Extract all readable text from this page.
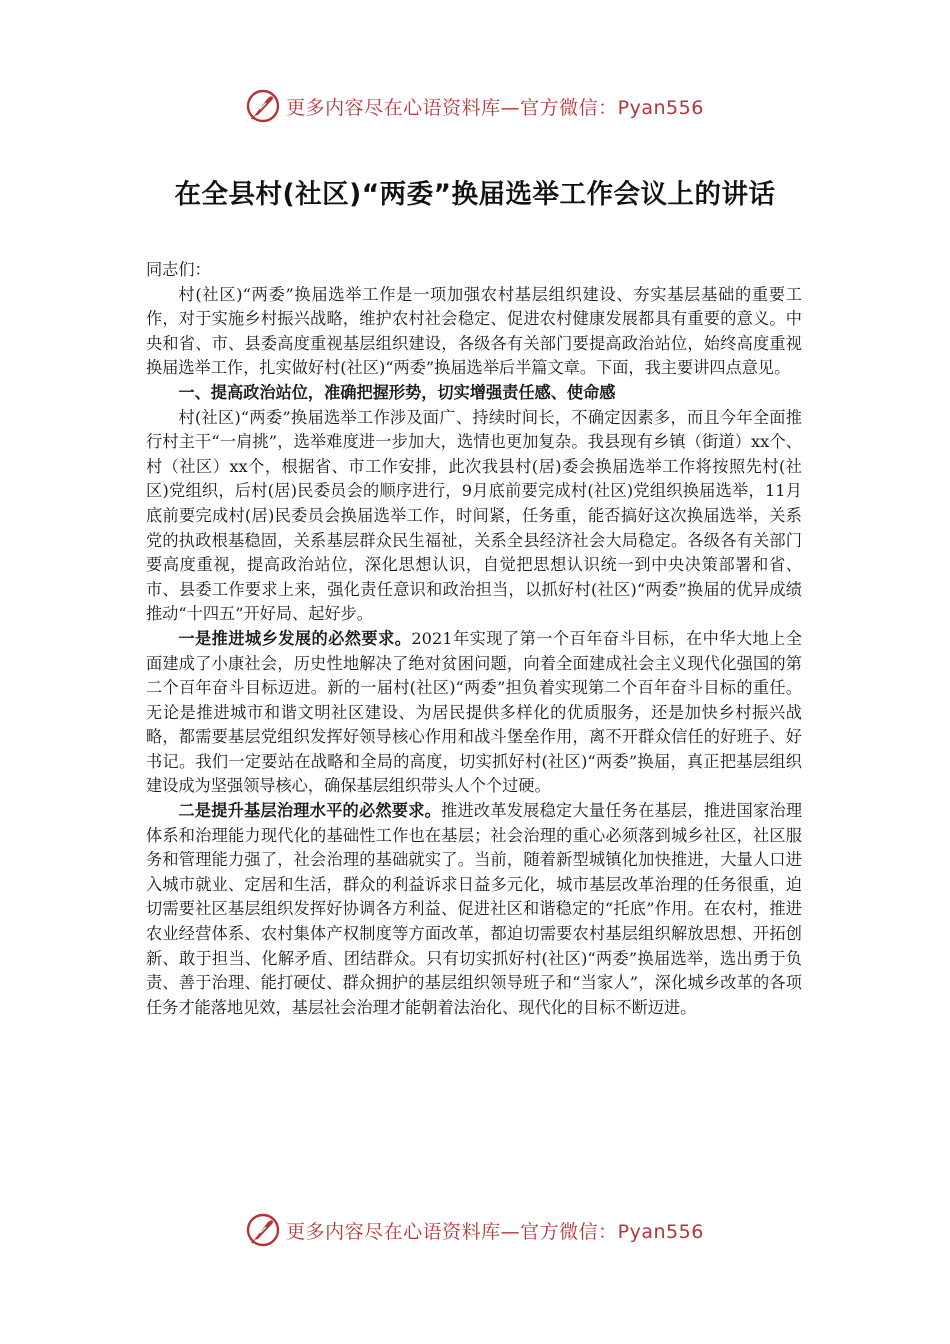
更多内容尽在心语资料库—官方微信：Pyan556
在全县村(社区)“两委”换届选举工作会议上的讲话

同志们：

村(社区)“两委”换届选举工作是一项加强农村基层组织建设、夯实基层基础的重要工作，对于实施乡村振兴战略，维护农村社会稳定、促进农村健康发展都具有重要的意义。中央和省、市、县委高度重视基层组织建设，各级各有关部门要提高政治站位，始终高度重视换届选举工作，扎实做好村(社区)“两委”换届选举后半篇文章。下面，我主要讲四点意见。

一、提高政治站位，准确把握形势，切实增强责任感、使命感

村(社区)“两委”换届选举工作涉及面广、持续时间长，不确定因素多，而且今年全面推行村主干“一肩挑”，选举难度进一步加大，选情也更加复杂。我县现有乡镇（街道）xx个、村（社区）xx个，根据省、市工作安排，此次我县村(居)委会换届选举工作将按照先村(社区)党组织，后村(居)民委员会的顺序进行，9月底前要完成村(社区)党组织换届选举，11月底前要完成村(居)民委员会换届选举工作，时间紧，任务重，能否搞好这次换届选举，关系党的执政根基稳固，关系基层群众民生福祉，关系全县经济社会大局稳定。各级各有关部门要高度重视，提高政治站位，深化思想认识，自觉把思想认识统一到中央决策部署和省、市、县委工作要求上来，强化责任意识和政治担当，以抓好村(社区)“两委”换届的优异成绩推动“十四五”开好局、起好步。

一是推进城乡发展的必然要求。2021年实现了第一个百年奋斗目标，在中华大地上全面建成了小康社会，历史性地解决了绝对贫困问题，向着全面建成社会主义现代化强国的第二个百年奋斗目标迈进。新的一届村(社区)“两委”担负着实现第二个百年奋斗目标的重任。无论是推进城市和谐文明社区建设、为居民提供多样化的优质服务，还是加快乡村振兴战略，都需要基层党组织发挥好领导核心作用和战斗堡垒作用，离不开群众信任的好班子、好书记。我们一定要站在战略和全局的高度，切实抓好村(社区)“两委”换届，真正把基层组织建设成为坚强领导核心，确保基层组织带头人个个过硬。

二是提升基层治理水平的必然要求。推进改革发展稳定大量任务在基层，推进国家治理体系和治理能力现代化的基础性工作也在基层；社会治理的重心必须落到城乡社区，社区服务和管理能力强了，社会治理的基础就实了。当前，随着新型城镇化加快推进，大量人口进入城市就业、定居和生活，群众的利益诉求日益多元化，城市基层改革治理的任务很重，迫切需要社区基层组织发挥好协调各方利益、促进社区和谐稳定的“托底”作用。在农村，推进农业经营体系、农村集体产权制度等方面改革，都迫切需要农村基层组织解放思想、开拓创新、敢于担当、化解矛盾、团结群众。只有切实抓好村(社区)“两委”换届选举，选出勇于负责、善于治理、能打硬仗、群众拥护的基层组织领导班子和“当家人”，深化城乡改革的各项任务才能落地见效，基层社会治理才能朝着法治化、现代化的目标不断迈进。

更多内容尽在心语资料库—官方微信：Pyan556
